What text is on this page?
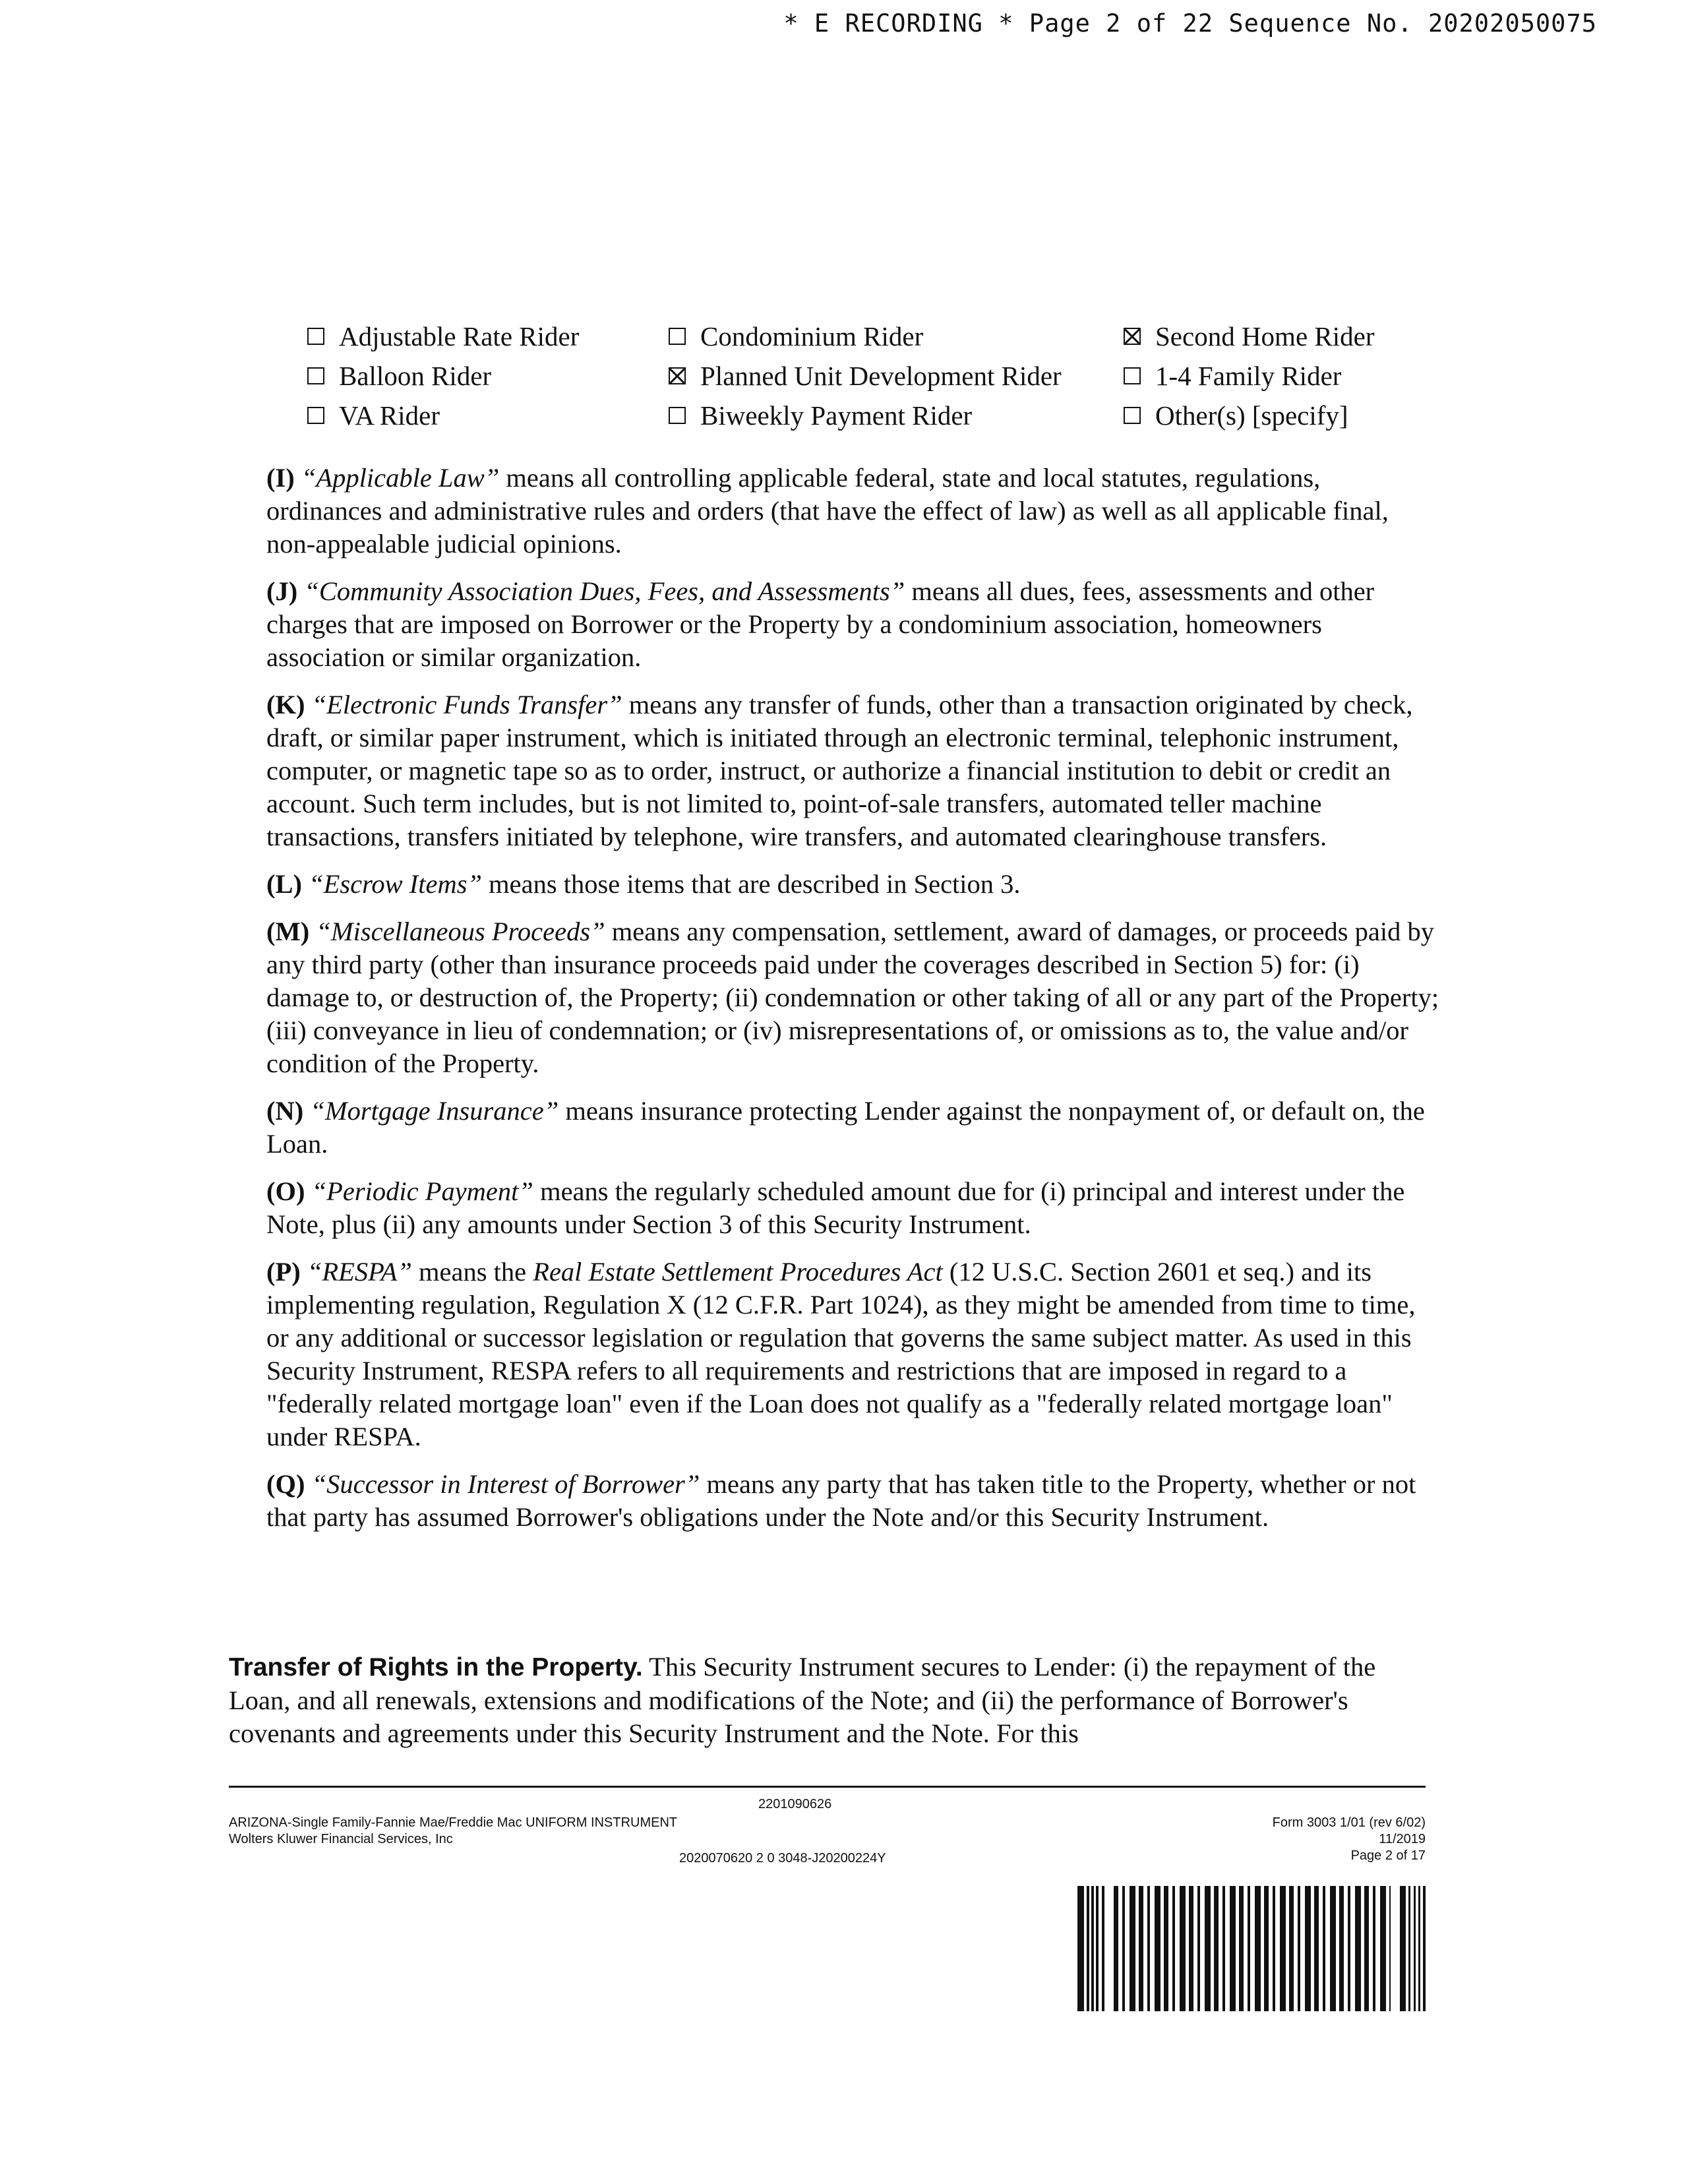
* E RECORDING * Page 2 of 22 Sequence No. 20202050075
Adjustable Rate Rider	Condominium Rider	Second Home Rider
Balloon Rider	Planned Unit Development Rider	1-4 Family Rider
VA Rider	Biweekly Payment Rider	Other(s) [specify]

(I) “Applicable Law” means all controlling applicable federal, state and local statutes, regulations, ordinances and administrative rules and orders (that have the effect of law) as well as all applicable final, non-appealable judicial opinions.

(J) “Community Association Dues, Fees, and Assessments” means all dues, fees, assessments and other charges that are imposed on Borrower or the Property by a condominium association, homeowners association or similar organization.

(K) “Electronic Funds Transfer” means any transfer of funds, other than a transaction originated by check, draft, or similar paper instrument, which is initiated through an electronic terminal, telephonic instrument, computer, or magnetic tape so as to order, instruct, or authorize a financial institution to debit or credit an account. Such term includes, but is not limited to, point-of-sale transfers, automated teller machine transactions, transfers initiated by telephone, wire transfers, and automated clearinghouse transfers.

(L) “Escrow Items” means those items that are described in Section 3.

(M) “Miscellaneous Proceeds” means any compensation, settlement, award of damages, or proceeds paid by any third party (other than insurance proceeds paid under the coverages described in Section 5) for: (i) damage to, or destruction of, the Property; (ii) condemnation or other taking of all or any part of the Property; (iii) conveyance in lieu of condemnation; or (iv) misrepresentations of, or omissions as to, the value and/or condition of the Property.

(N) “Mortgage Insurance” means insurance protecting Lender against the nonpayment of, or default on, the Loan.

(O) “Periodic Payment” means the regularly scheduled amount due for (i) principal and interest under the Note, plus (ii) any amounts under Section 3 of this Security Instrument.

(P) “RESPA” means the Real Estate Settlement Procedures Act (12 U.S.C. Section 2601 et seq.) and its implementing regulation, Regulation X (12 C.F.R. Part 1024), as they might be amended from time to time, or any additional or successor legislation or regulation that governs the same subject matter. As used in this Security Instrument, RESPA refers to all requirements and restrictions that are imposed in regard to a "federally related mortgage loan" even if the Loan does not qualify as a "federally related mortgage loan" under RESPA.

(Q) “Successor in Interest of Borrower” means any party that has taken title to the Property, whether or not that party has assumed Borrower's obligations under the Note and/or this Security Instrument.

Transfer of Rights in the Property. This Security Instrument secures to Lender: (i) the repayment of the Loan, and all renewals, extensions and modifications of the Note; and (ii) the performance of Borrower's covenants and agreements under this Security Instrument and the Note. For this

2201090626
ARIZONA-Single Family-Fannie Mae/Freddie Mac UNIFORM INSTRUMENT
Wolters Kluwer Financial Services, Inc
2020070620 2 0 3048-J20200224Y
Form 3003 1/01 (rev 6/02)
11/2019
Page 2 of 17
